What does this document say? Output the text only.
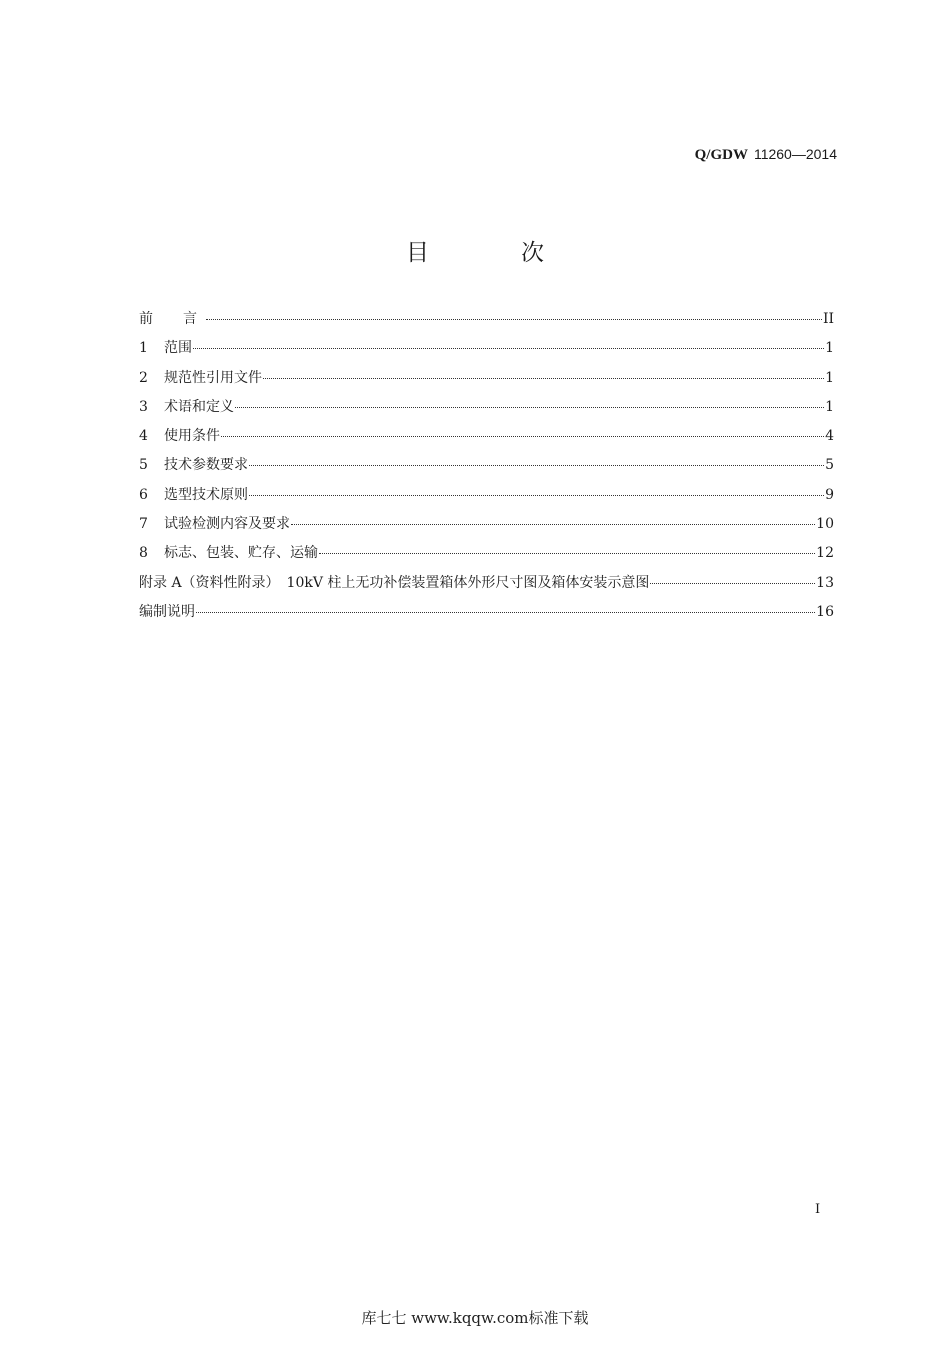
Q/GDW 11260—2014
目	次
前　言	II
1	范围	1
2	规范性引用文件	1
3	术语和定义	1
4	使用条件	4
5	技术参数要求	5
6	选型技术原则	9
7	试验检测内容及要求	10
8	标志、包装、贮存、运输	12
附录 A（资料性附录）　10kV 柱上无功补偿装置箱体外形尺寸图及箱体安装示意图	13
编制说明	16
I
库七七 www.kqqw.com标准下载
